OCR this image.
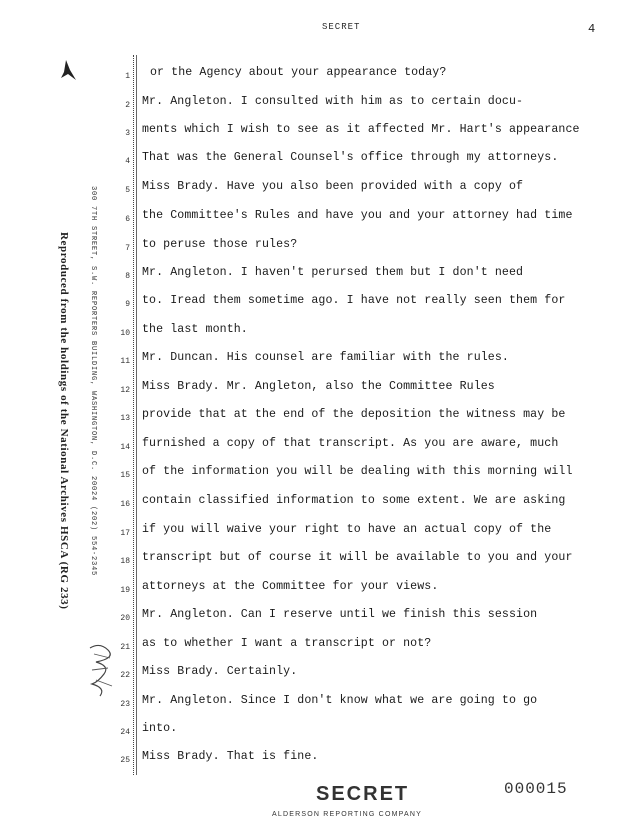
SECRET	4
Reproduced from the holdings of the National Archives HSCA (RG 233)	300 7TH STREET, S.W. REPORTERS BUILDING, WASHINGTON, D.C. 20024 (202) 554-2345
1
2
3
4
5
6
7
8
9
10
11
12
13
14
15
16
17
18
19
20
21
22
23
24
25
or the Agency about your appearance today?
Mr. Angleton. I consulted with him as to certain docu-
ments which I wish to see as it affected Mr. Hart's appearance
That was the General Counsel's office through my attorneys.
Miss Brady. Have you also been provided with a copy of
the Committee's Rules and have you and your attorney had time
to peruse those rules?
Mr. Angleton. I haven't perursed them but I don't need
to. Iread them sometime ago. I have not really seen them for
the last month.
Mr. Duncan. His counsel are familiar with the rules.
Miss Brady. Mr. Angleton, also the Committee Rules
provide that at the end of the deposition the witness may be
furnished a copy of that transcript. As you are aware, much
of the information you will be dealing with this morning will
contain classified information to some extent. We are asking
if you will waive your right to have an actual copy of the
transcript but of course it will be available to you and your
attorneys at the Committee for your views.
Mr. Angleton. Can I reserve until we finish this session
as to whether I want a transcript or not?
Miss Brady. Certainly.
Mr. Angleton. Since I don't know what we are going to go
into.
Miss Brady. That is fine.
SECRET	000015
ALDERSON REPORTING COMPANY
